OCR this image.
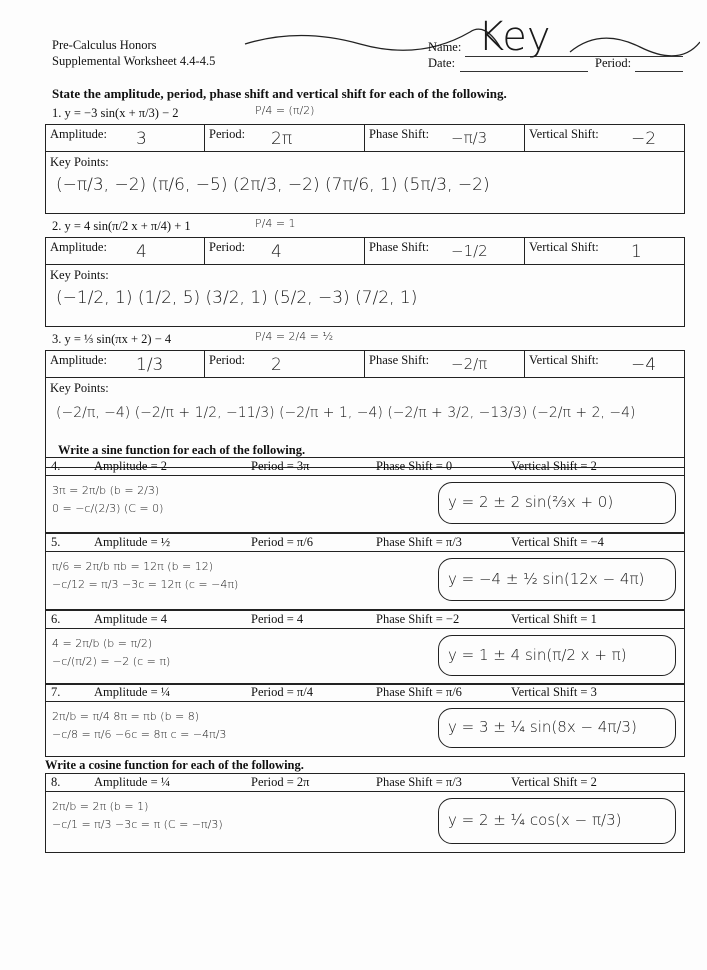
Pre-Calculus Honors
Supplemental Worksheet 4.4-4.5
Name: Key
Date:	Period:
State the amplitude, period, phase shift and vertical shift for each of the following.
1. y = −3 sin(x + π/3) − 2	P/4 = (π/2)
Amplitude: 3	Period: 2π	Phase Shift: −π/3	Vertical Shift: −2
Key Points:
(−π/3, −2) (π/6, −5) (2π/3, −2) (7π/6, 1) (5π/3, −2)
2. y = 4 sin(π/2 x + π/4) + 1	P/4 = 1
Amplitude: 4	Period: 4	Phase Shift: −1/2	Vertical Shift: 1
Key Points:
(−1/2, 1) (1/2, 5) (3/2, 1) (5/2, −3) (7/2, 1)
3. y = ⅓ sin(πx + 2) − 4	P/4 = 2/4 = ½
Amplitude: 1/3	Period: 2	Phase Shift: −2/π	Vertical Shift: −4
Key Points:
(−2/π, −4) (−2/π + 1/2, −11/3) (−2/π + 1, −4) (−2/π + 3/2, −13/3) (−2/π + 2, −4)
Write a sine function for each of the following.
4.	Amplitude = 2	Period = 3π	Phase Shift = 0	Vertical Shift = 2
3π = 2π/b (b = 2/3)
0 = −c/(2/3) (C = 0)	y = 2 ± 2 sin(⅔x + 0)
5.	Amplitude = ½	Period = π/6	Phase Shift = π/3	Vertical Shift = −4
π/6 = 2π/b πb = 12π (b = 12)
−c/12 = π/3 −3c = 12π (c = −4π)	y = −4 ± ½ sin(12x − 4π)
6.	Amplitude = 4	Period = 4	Phase Shift = −2	Vertical Shift = 1
4 = 2π/b (b = π/2)
−c/(π/2) = −2 (c = π)	y = 1 ± 4 sin(π/2 x + π)
7.	Amplitude = ¼	Period = π/4	Phase Shift = π/6	Vertical Shift = 3
2π/b = π/4 8π = πb (b = 8)
−c/8 = π/6 −6c = 8π c = −4π/3	y = 3 ± ¼ sin(8x − 4π/3)
Write a cosine function for each of the following.
8.	Amplitude = ¼	Period = 2π	Phase Shift = π/3	Vertical Shift = 2
2π/b = 2π (b = 1)
−c/1 = π/3 −3c = π (C = −π/3)	y = 2 ± ¼ cos(x − π/3)
